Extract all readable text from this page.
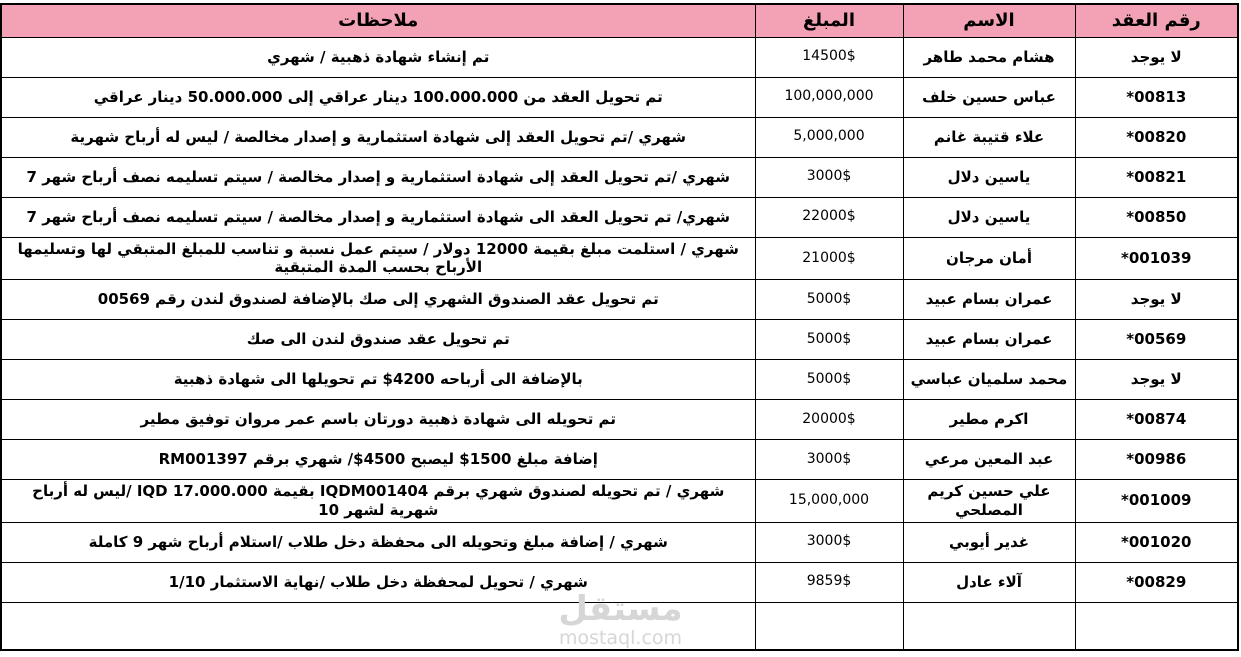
رقم العقد	الاسم	المبلغ	ملاحظات
لا يوجد	هشام محمد طاهر	14500$	تم إنشاء شهادة ذهبية / شهري
00813*	عباس حسين خلف	100,000,000	تم تحويل العقد من 100.000.000 دينار عراقي إلى 50.000.000 دينار عراقي
00820*	علاء قتيبة غانم	5,000,000	شهري /تم تحويل العقد إلى شهادة استثمارية و إصدار مخالصة / ليس له أرباح شهرية
00821*	ياسين دلال	3000$	شهري /تم تحويل العقد إلى شهادة استثمارية و إصدار مخالصة / سيتم تسليمه نصف أرباح شهر 7
00850*	ياسين دلال	22000$	شهري/ تم تحويل العقد الى شهادة استثمارية و إصدار مخالصة / سيتم تسليمه نصف أرباح شهر 7
001039*	أمان مرجان	21000$	شهري / استلمت مبلغ بقيمة 12000 دولار / سيتم عمل نسبة و تناسب للمبلغ المتبقي لها وتسليمها الأرباح بحسب المدة المتبقية
لا يوجد	عمران بسام عبيد	5000$	تم تحويل عقد الصندوق الشهري إلى صك بالإضافة لصندوق لندن رقم 00569
00569*	عمران بسام عبيد	5000$	تم تحويل عقد صندوق لندن الى صك
لا يوجد	محمد سلميان عباسي	5000$	بالإضافة الى أرباحه 4200$ تم تحويلها الى شهادة ذهبية
00874*	اكرم مطير	20000$	تم تحويله الى شهادة ذهبية دورتان باسم عمر مروان توفيق مطير
00986*	عبد المعين مرعي	3000$	إضافة مبلغ 1500$ ليصبح 4500$/ شهري برقم RM001397
001009*	علي حسين كريم المصلحي	15,000,000	شهري / تم تحويله لصندوق شهري برقم IQDM001404 بقيمة IQD 17.000.000 /ليس له أرباح شهرية لشهر 10
001020*	غدير أيوبي	3000$	شهري / إضافة مبلغ وتحويله الى محفظة دخل طلاب /استلام أرباح شهر 9 كاملة
00829*	آلاء عادل	9859$	شهري / تحويل لمحفظة دخل طلاب /نهاية الاستثمار 1/10

مستقل
mostaql.com
